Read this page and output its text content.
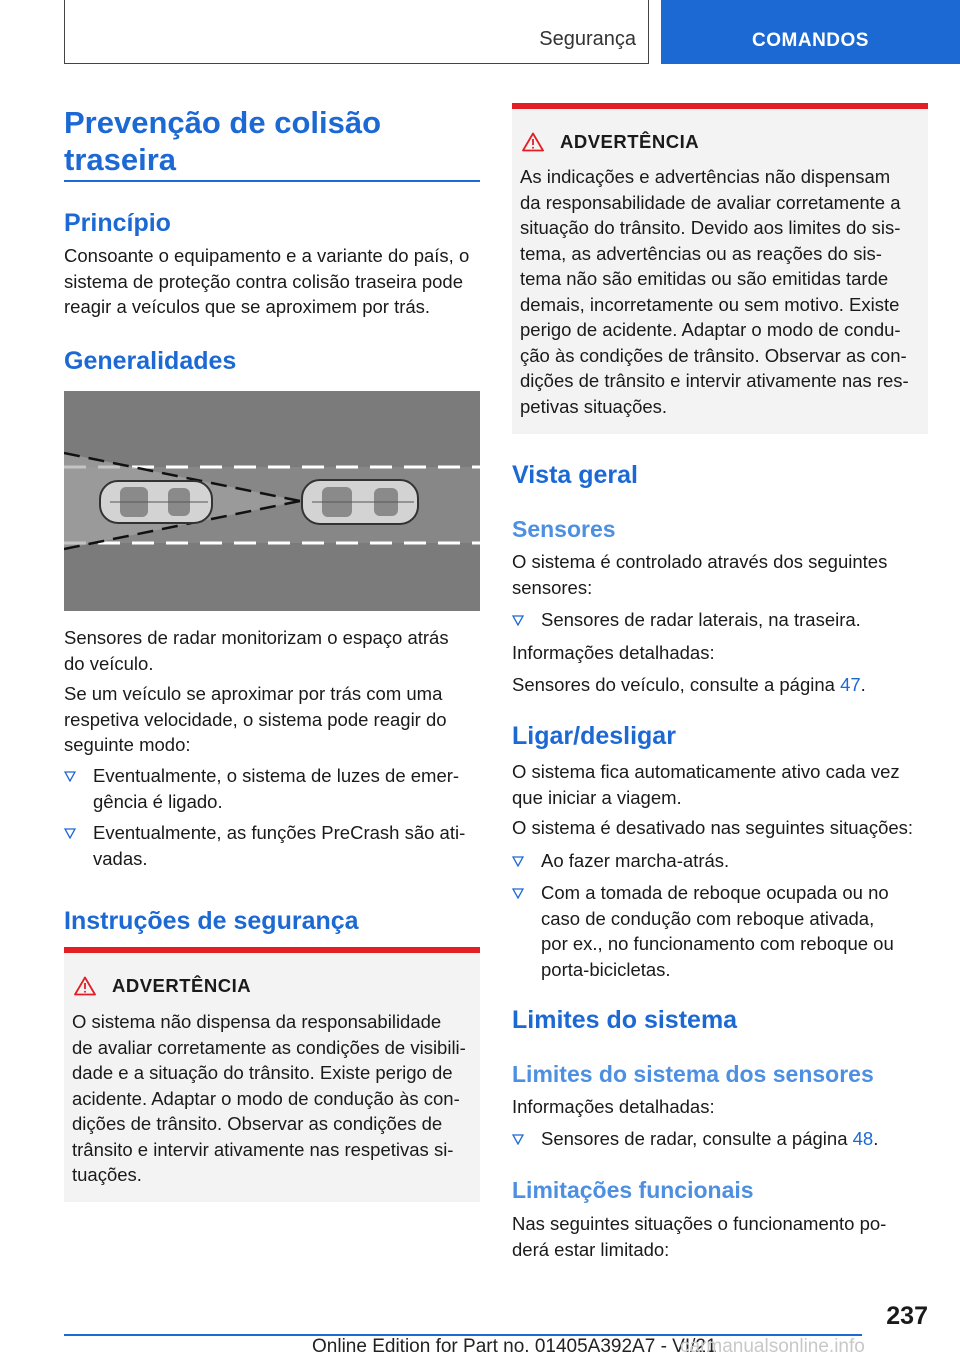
Segurança	COMANDOS
Prevenção de colisão
traseira
Princípio
Consoante o equipamento e a variante do país, o
sistema de proteção contra colisão traseira pode
reagir a veículos que se aproximem por trás.
Generalidades
Sensores de radar monitorizam o espaço atrás
do veículo.
Se um veículo se aproximar por trás com uma
respetiva velocidade, o sistema pode reagir do
seguinte modo:
Eventualmente, o sistema de luzes de emer-
gência é ligado.
Eventualmente, as funções PreCrash são ati-
vadas.
Instruções de segurança
ADVERTÊNCIA
O sistema não dispensa da responsabilidade
de avaliar corretamente as condições de visibili-
dade e a situação do trânsito. Existe perigo de
acidente. Adaptar o modo de condução às con-
dições de trânsito. Observar as condições de
trânsito e intervir ativamente nas respetivas si-
tuações.
ADVERTÊNCIA
As indicações e advertências não dispensam
da responsabilidade de avaliar corretamente a
situação do trânsito. Devido aos limites do sis-
tema, as advertências ou as reações do sis-
tema não são emitidas ou são emitidas tarde
demais, incorretamente ou sem motivo. Existe
perigo de acidente. Adaptar o modo de condu-
ção às condições de trânsito. Observar as con-
dições de trânsito e intervir ativamente nas res-
petivas situações.
Vista geral
Sensores
O sistema é controlado através dos seguintes
sensores:
Sensores de radar laterais, na traseira.
Informações detalhadas:
Sensores do veículo, consulte a página 47.
Ligar/desligar
O sistema fica automaticamente ativo cada vez
que iniciar a viagem.
O sistema é desativado nas seguintes situações:
Ao fazer marcha-atrás.
Com a tomada de reboque ocupada ou no
caso de condução com reboque ativada,
por ex., no funcionamento com reboque ou
porta-bicicletas.
Limites do sistema
Limites do sistema dos sensores
Informações detalhadas:
Sensores de radar, consulte a página 48.
Limitações funcionais
Nas seguintes situações o funcionamento po-
derá estar limitado:
237
Online Edition for Part no. 01405A392A7 - VI/21
carmanualsonline.info
